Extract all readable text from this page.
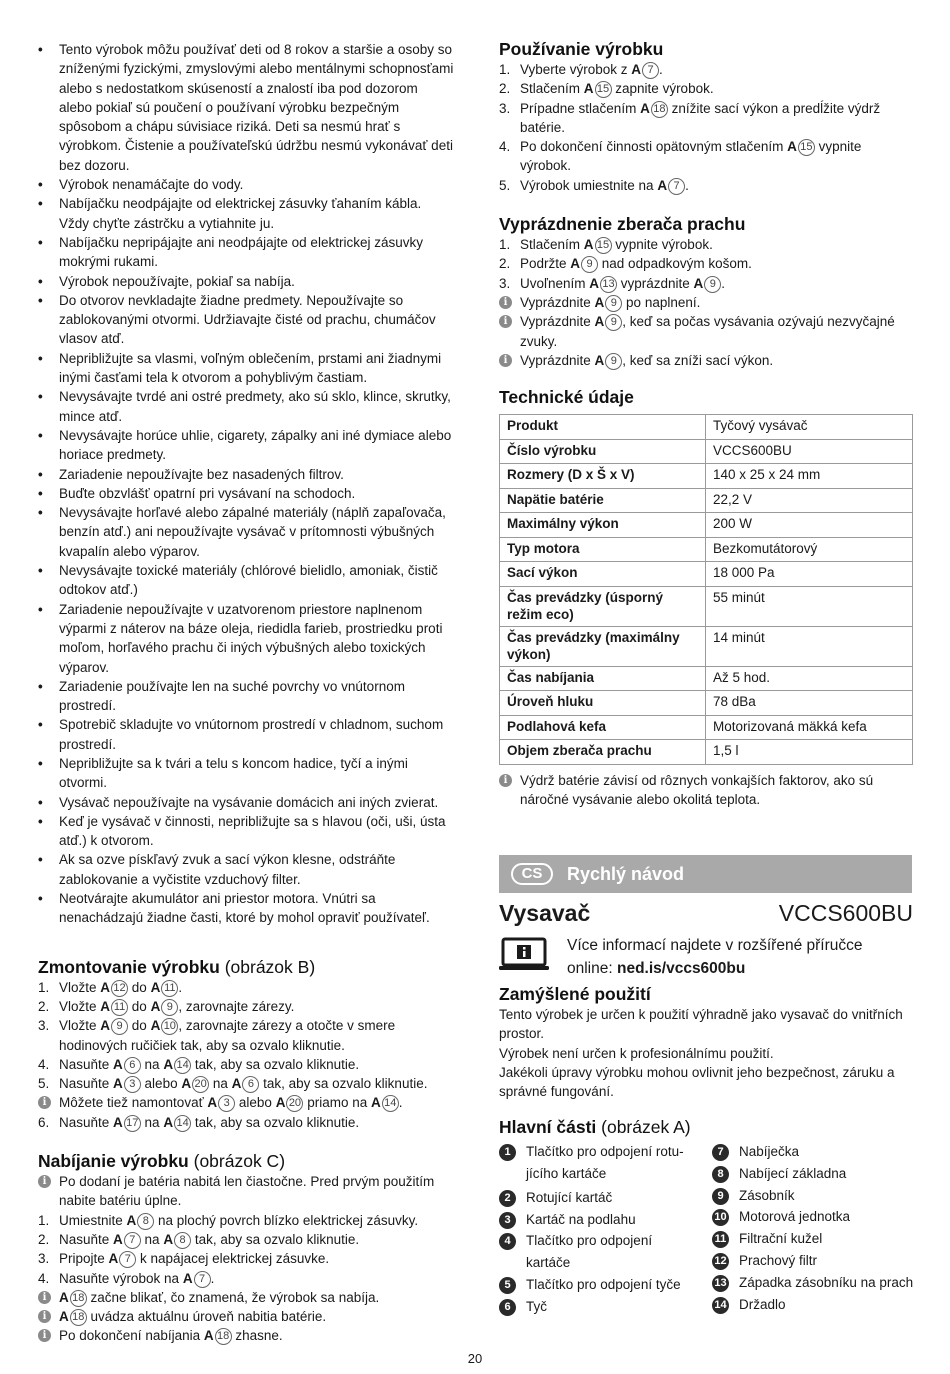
• Tento výrobok môžu používať deti od 8 rokov a staršie a osoby so zníženými fyzickými, zmyslovými alebo mentálnymi schopnosťami alebo s nedostatkom skúseností a znalostí iba pod dozorom alebo pokiaľ sú poučení o používaní výrobku bezpečným spôsobom a chápu súvisiace riziká. Deti sa nesmú hrať s výrobkom. Čistenie a používateľskú údržbu nesmú vykonávať deti bez dozoru.
• Výrobok nenamáčajte do vody.
• Nabíjačku neodpájajte od elektrickej zásuvky ťahaním kábla. Vždy chyťte zástrčku a vytiahnite ju.
• Nabíjačku nepripájajte ani neodpájajte od elektrickej zásuvky mokrými rukami.
• Výrobok nepoužívajte, pokiaľ sa nabíja.
• Do otvorov nevkladajte žiadne predmety. Nepoužívajte so zablokovanými otvormi. Udržiavajte čisté od prachu, chumáčov vlasov atď.
• Nepribližujte sa vlasmi, voľným oblečením, prstami ani žiadnymi inými časťami tela k otvorom a pohyblivým častiam.
• Nevysávajte tvrdé ani ostré predmety, ako sú sklo, klince, skrutky, mince atď.
• Nevysávajte horúce uhlie, cigarety, zápalky ani iné dymiace alebo horiace predmety.
• Zariadenie nepoužívajte bez nasadených filtrov.
• Buďte obzvlášť opatrní pri vysávaní na schodoch.
• Nevysávajte horľavé alebo zápalné materiály (náplň zapaľovača, benzín atď.) ani nepoužívajte vysávač v prítomnosti výbušných kvapalín alebo výparov.
• Nevysávajte toxické materiály (chlórové bielidlo, amoniak, čistič odtokov atď.)
• Zariadenie nepoužívajte v uzatvorenom priestore naplnenom výparmi z náterov na báze oleja, riedidla farieb, prostriedku proti moľom, horľavého prachu či iných výbušných alebo toxických výparov.
• Zariadenie používajte len na suché povrchy vo vnútornom prostredí.
• Spotrebič skladujte vo vnútornom prostredí v chladnom, suchom prostredí.
• Nepribližujte sa k tvári a telu s koncom hadice, tyčí a inými otvormi.
• Vysávač nepoužívajte na vysávanie domácich ani iných zvierat.
• Keď je vysávač v činnosti, nepribližujte sa s hlavou (oči, uši, ústa atď.) k otvorom.
• Ak sa ozve pískľavý zvuk a sací výkon klesne, odstráňte zablokovanie a vyčistite vzduchový filter.
• Neotvárajte akumulátor ani priestor motora. Vnútri sa nenachádzajú žiadne časti, ktoré by mohol opraviť používateľ.
Zmontovanie výrobku (obrázok B)
1. Vložte A 12 do A 11 .
2. Vložte A 11 do A 9 , zarovnajte zárezy.
3. Vložte A 9 do A 10 , zarovnajte zárezy a otočte v smere hodinových ručičiek tak, aby sa ozvalo kliknutie.
4. Nasuňte A 6 na A 14 tak, aby sa ozvalo kliknutie.
5. Nasuňte A 3 alebo A 20 na A 6 tak, aby sa ozvalo kliknutie.
i Môžete tiež namontovať A 3 alebo A 20 priamo na A 14 .
6. Nasuňte A 17 na A 14 tak, aby sa ozvalo kliknutie.
Nabíjanie výrobku (obrázok C)
i Po dodaní je batéria nabitá len čiastočne. Pred prvým použitím nabite batériu úplne.
1. Umiestnite A 8 na plochý povrch blízko elektrickej zásuvky.
2. Nasuňte A 7 na A 8 tak, aby sa ozvalo kliknutie.
3. Pripojte A 7 k napájacej elektrickej zásuvke.
4. Nasuňte výrobok na A 7 .
i A 18 začne blikať, čo znamená, že výrobok sa nabíja.
i A 18 uvádza aktuálnu úroveň nabitia batérie.
i Po dokončení nabíjania A 18 zhasne.
Používanie výrobku
1. Vyberte výrobok z A 7 .
2. Stlačením A 15 zapnite výrobok.
3. Prípadne stlačením A 18 znížite sací výkon a predĺžite výdrž batérie.
4. Po dokončení činnosti opätovným stlačením A 15 vypnite výrobok.
5. Výrobok umiestnite na A 7 .
Vyprázdnenie zberača prachu
1. Stlačením A 15 vypnite výrobok.
2. Podržte A 9 nad odpadkovým košom.
3. Uvoľnením A 13 vyprázdnite A 9 .
i Vyprázdnite A 9 po naplnení.
i Vyprázdnite A 9 , keď sa počas vysávania ozývajú nezvyčajné zvuky.
i Vyprázdnite A 9 , keď sa zníži sací výkon.
Technické údaje
Produkt	Tyčový vysávač
Číslo výrobku	VCCS600BU
Rozmery (D x Š x V)	140 x 25 x 24 mm
Napätie batérie	22,2 V
Maximálny výkon	200 W
Typ motora	Bezkomutátorový
Sací výkon	18 000 Pa
Čas prevádzky (úsporný režim eco)	55 minút
Čas prevádzky (maximálny výkon)	14 minút
Čas nabíjania	Až 5 hod.
Úroveň hluku	78 dBa
Podlahová kefa	Motorizovaná mäkká kefa
Objem zberača prachu	1,5 l
i Výdrž batérie závisí od rôznych vonkajších faktorov, ako sú náročné vysávanie alebo okolitá teplota.
CS	Rychlý návod
Vysavač	VCCS600BU
Více informací najdete v rozšířené příručce
online: ned.is/vccs600bu
Zamýšlené použití
Tento výrobek je určen k použití výhradně jako vysavač do vnitřních prostor.
Výrobek není určen k profesionálnímu použití.
Jakékoli úpravy výrobku mohou ovlivnit jeho bezpečnost, záruku a správné fungování.
Hlavní části (obrázek A)
1	Tlačítko pro odpojení rotu-jícího kartáče
2	Rotující kartáč
3	Kartáč na podlahu
4	Tlačítko pro odpojení kartáče
5	Tlačítko pro odpojení tyče
6	Tyč
7	Nabíječka
8	Nabíjecí základna
9	Zásobník
10 Motorová jednotka
11 Filtrační kužel
12 Prachový filtr
13 Západka zásobníku na prach
14 Držadlo
20
